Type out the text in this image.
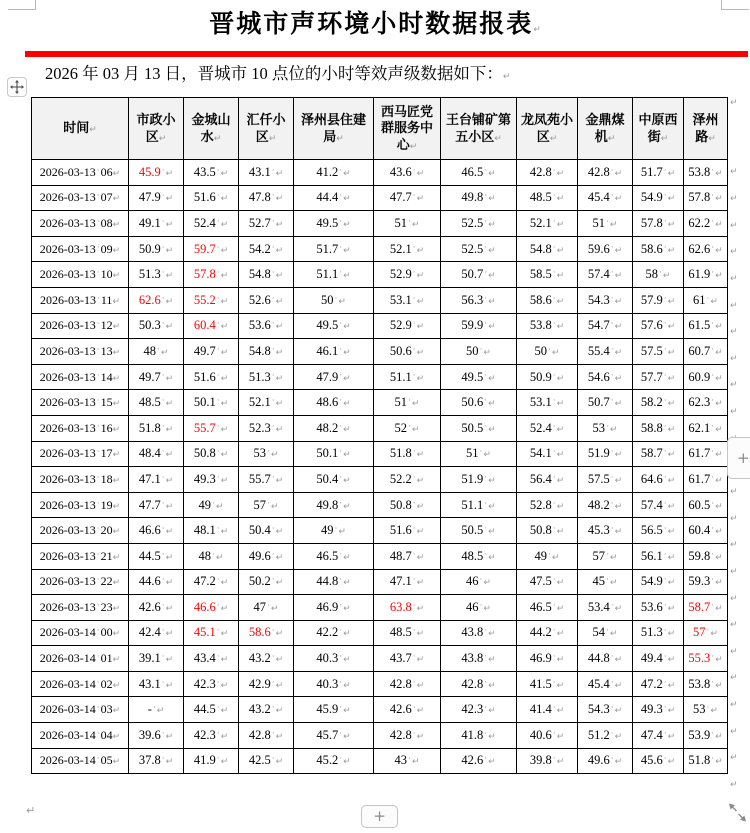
晋城市声环境小时数据报表↵
2026 年 03 月 13 日，晋城市 10 点位的小时等效声级数据如下：↵
时间↵	市政小区↵	金城山水↵	汇仟小区↵	泽州县住建局↵	西马匠党群服务中心↵	王台铺矿第五小区↵	龙凤苑小区↵	金鼎煤机↵	中原西街↵	泽州路↵
2026-03-13·06↵	45.9·↵	43.5·↵	43.1·↵	41.2·↵	43.6·↵	46.5·↵	42.8·↵	42.8·↵	51.7·↵	53.8·↵
2026-03-13·07↵	47.9·↵	51.6·↵	47.8·↵	44.4·↵	47.7·↵	49.8·↵	48.5·↵	45.4·↵	54.9·↵	57.8·↵
2026-03-13·08↵	49.1·↵	52.4·↵	52.7·↵	49.5·↵	51·↵	52.5·↵	52.1·↵	51·↵	57.8·↵	62.2·↵
2026-03-13·09↵	50.9·↵	59.7·↵	54.2·↵	51.7·↵	52.1·↵	52.5·↵	54.8·↵	59.6·↵	58.6·↵	62.6·↵
2026-03-13·10↵	51.3·↵	57.8·↵	54.8·↵	51.1·↵	52.9·↵	50.7·↵	58.5·↵	57.4·↵	58·↵	61.9·↵
2026-03-13·11↵	62.6·↵	55.2·↵	52.6·↵	50·↵	53.1·↵	56.3·↵	58.6·↵	54.3·↵	57.9·↵	61·↵
2026-03-13·12↵	50.3·↵	60.4·↵	53.6·↵	49.5·↵	52.9·↵	59.9·↵	53.8·↵	54.7·↵	57.6·↵	61.5·↵
2026-03-13·13↵	48·↵	49.7·↵	54.8·↵	46.1·↵	50.6·↵	50·↵	50·↵	55.4·↵	57.5·↵	60.7·↵
2026-03-13·14↵	49.7·↵	51.6·↵	51.3·↵	47.9·↵	51.1·↵	49.5·↵	50.9·↵	54.6·↵	57.7·↵	60.9·↵
2026-03-13·15↵	48.5·↵	50.1·↵	52.1·↵	48.6·↵	51·↵	50.6·↵	53.1·↵	50.7·↵	58.2·↵	62.3·↵
2026-03-13·16↵	51.8·↵	55.7·↵	52.3·↵	48.2·↵	52·↵	50.5·↵	52.4·↵	53·↵	58.8·↵	62.1·↵
2026-03-13·17↵	48.4·↵	50.8·↵	53·↵	50.1·↵	51.8·↵	51·↵	54.1·↵	51.9·↵	58.7·↵	61.7·↵
2026-03-13·18↵	47.1·↵	49.3·↵	55.7·↵	50.4·↵	52.2·↵	51.9·↵	56.4·↵	57.5·↵	64.6·↵	61.7·↵
2026-03-13·19↵	47.7·↵	49·↵	57·↵	49.8·↵	50.8·↵	51.1·↵	52.8·↵	48.2·↵	57.4·↵	60.5·↵
2026-03-13·20↵	46.6·↵	48.1·↵	50.4·↵	49·↵	51.6·↵	50.5·↵	50.8·↵	45.3·↵	56.5·↵	60.4·↵
2026-03-13·21↵	44.5·↵	48·↵	49.6·↵	46.5·↵	48.7·↵	48.5·↵	49·↵	57·↵	56.1·↵	59.8·↵
2026-03-13·22↵	44.6·↵	47.2·↵	50.2·↵	44.8·↵	47.1·↵	46·↵	47.5·↵	45·↵	54.9·↵	59.3·↵
2026-03-13·23↵	42.6·↵	46.6·↵	47·↵	46.9·↵	63.8·↵	46·↵	46.5·↵	53.4·↵	53.6·↵	58.7·↵
2026-03-14·00↵	42.4·↵	45.1·↵	58.6·↵	42.2·↵	48.5·↵	43.8·↵	44.2·↵	54·↵	51.3·↵	57·↵
2026-03-14·01↵	39.1·↵	43.4·↵	43.2·↵	40.3·↵	43.7·↵	43.8·↵	46.9·↵	44.8·↵	49.4·↵	55.3·↵
2026-03-14·02↵	43.1·↵	42.3·↵	42.9·↵	40.3·↵	42.8·↵	42.8·↵	41.5·↵	45.4·↵	47.2·↵	53.8·↵
2026-03-14·03↵	-·↵	44.5·↵	43.2·↵	45.9·↵	42.6·↵	42.3·↵	41.4·↵	54.3·↵	49.3·↵	53·↵
2026-03-14·04↵	39.6·↵	42.3·↵	42.8·↵	45.7·↵	42.8·↵	41.8·↵	40.6·↵	51.2·↵	47.4·↵	53.9·↵
2026-03-14·05↵	37.8·↵	41.9·↵	42.5·↵	45.2·↵	43·↵	42.6·↵	39.8·↵	49.6·↵	45.6·↵	51.8·↵
↵
↵
↵
↵
↵
↵
↵
↵
↵
↵
↵
↵
↵
↵
↵
↵
↵
↵
↵
↵
↵
↵
↵
+
+
↵
